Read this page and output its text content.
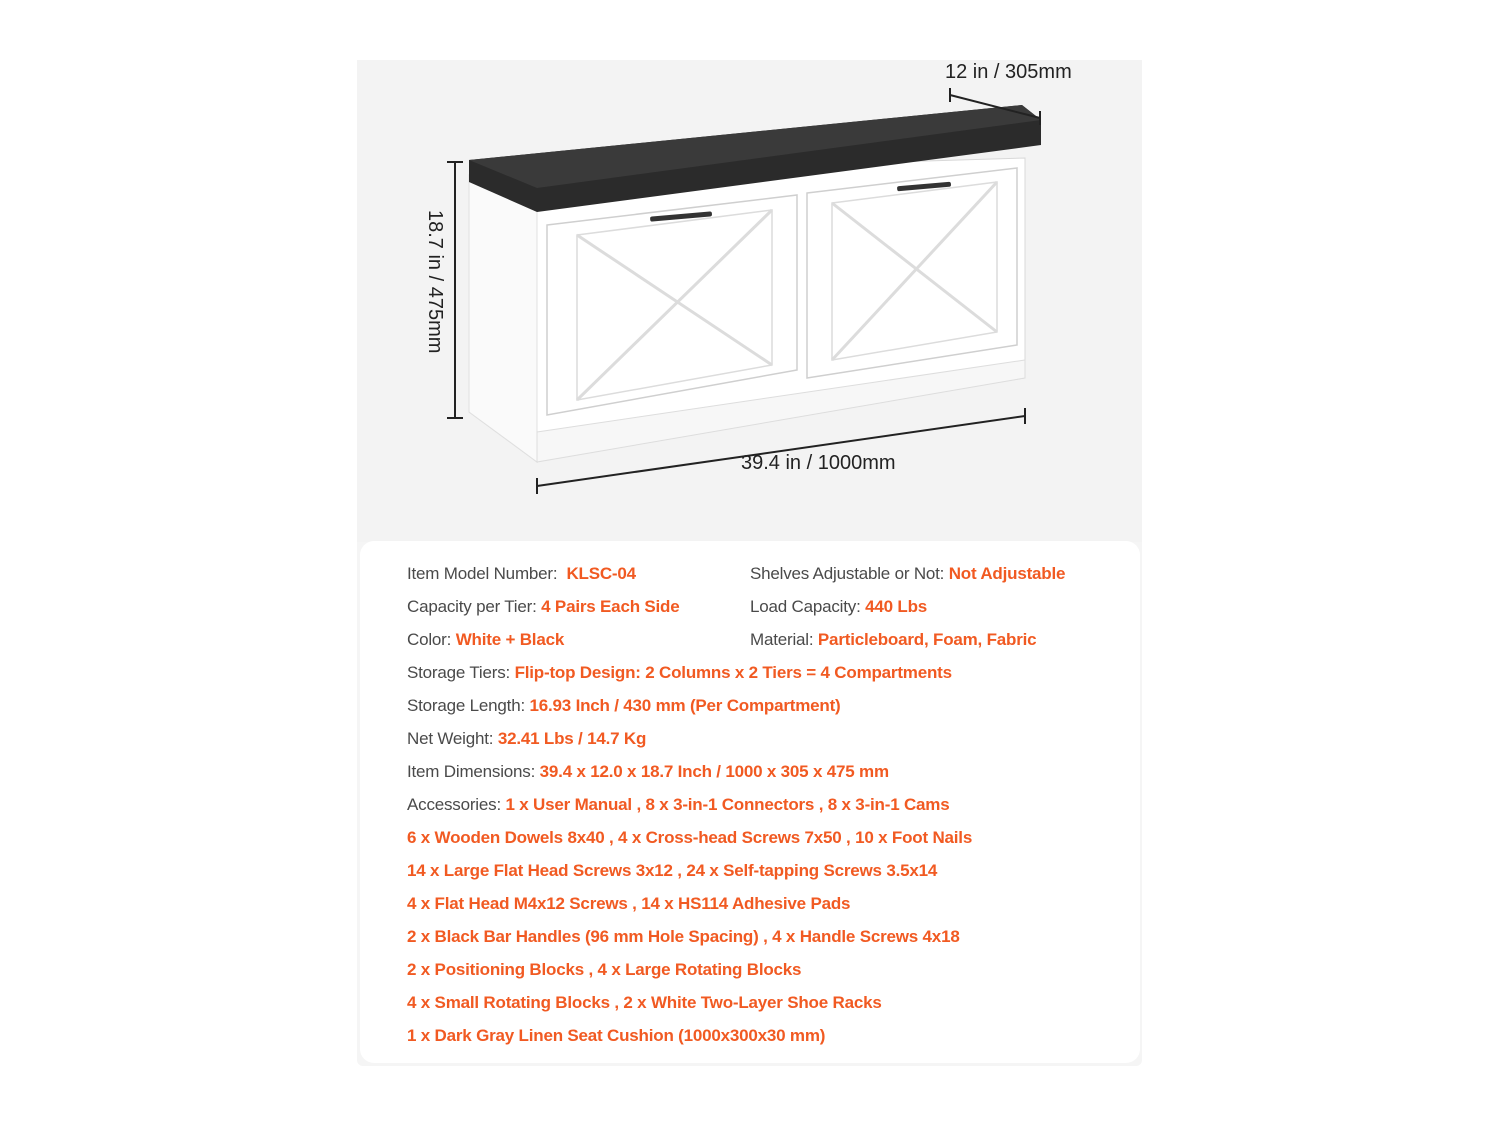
12 in / 305mm
18.7 in / 475mm
39.4 in / 1000mm
Item Model Number: KLSC-04	Shelves Adjustable or Not: Not Adjustable
Capacity per Tier: 4 Pairs Each Side	Load Capacity: 440 Lbs
Color: White + Black	Material: Particleboard, Foam, Fabric
Storage Tiers: Flip-top Design: 2 Columns x 2 Tiers = 4 Compartments
Storage Length: 16.93 Inch / 430 mm (Per Compartment)
Net Weight: 32.41 Lbs / 14.7 Kg
Item Dimensions: 39.4 x 12.0 x 18.7 Inch / 1000 x 305 x 475 mm
Accessories: 1 x User Manual , 8 x 3-in-1 Connectors , 8 x 3-in-1 Cams
6 x Wooden Dowels 8x40 , 4 x Cross-head Screws 7x50 , 10 x Foot Nails
14 x Large Flat Head Screws 3x12 , 24 x Self-tapping Screws 3.5x14
4 x Flat Head M4x12 Screws , 14 x HS114 Adhesive Pads
2 x Black Bar Handles (96 mm Hole Spacing) , 4 x Handle Screws 4x18
2 x Positioning Blocks , 4 x Large Rotating Blocks
4 x Small Rotating Blocks , 2 x White Two-Layer Shoe Racks
1 x Dark Gray Linen Seat Cushion (1000x300x30 mm)
